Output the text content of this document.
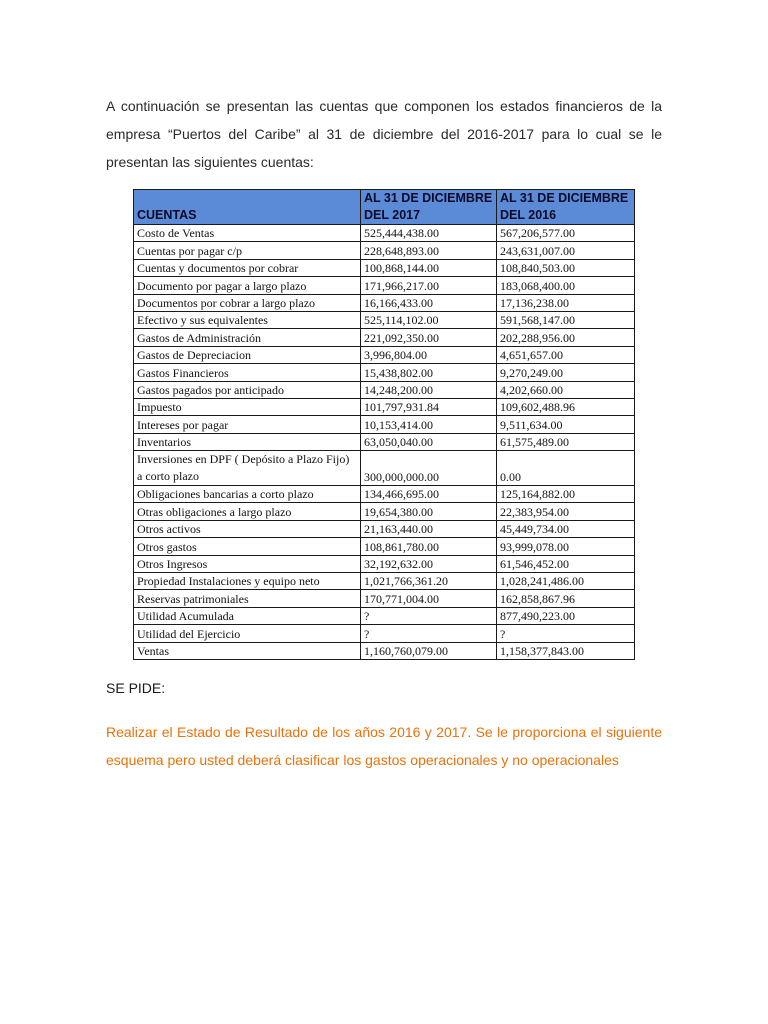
A continuación se presentan las cuentas que componen los estados financieros de la empresa “Puertos del Caribe” al 31 de diciembre del 2016-2017 para lo cual se le presentan las siguientes cuentas:

CUENTAS	AL 31 DE DICIEMBRE DEL 2017	AL 31 DE DICIEMBRE DEL 2016
Costo de Ventas	525,444,438.00	567,206,577.00
Cuentas por pagar c/p	228,648,893.00	243,631,007.00
Cuentas y documentos por cobrar	100,868,144.00	108,840,503.00
Documento por pagar a largo plazo	171,966,217.00	183,068,400.00
Documentos por cobrar a largo plazo	16,166,433.00	17,136,238.00
Efectivo y sus equivalentes	525,114,102.00	591,568,147.00
Gastos de Administración	221,092,350.00	202,288,956.00
Gastos de Depreciacion	3,996,804.00	4,651,657.00
Gastos Financieros	15,438,802.00	9,270,249.00
Gastos pagados por anticipado	14,248,200.00	4,202,660.00
Impuesto	101,797,931.84	109,602,488.96
Intereses por pagar	10,153,414.00	9,511,634.00
Inventarios	63,050,040.00	61,575,489.00
Inversiones en DPF ( Depósito a Plazo Fijo) a corto plazo	300,000,000.00	0.00
Obligaciones bancarias a corto plazo	134,466,695.00	125,164,882.00
Otras obligaciones a largo plazo	19,654,380.00	22,383,954.00
Otros activos	21,163,440.00	45,449,734.00
Otros gastos	108,861,780.00	93,999,078.00
Otros Ingresos	32,192,632.00	61,546,452.00
Propiedad Instalaciones y equipo neto	1,021,766,361.20	1,028,241,486.00
Reservas patrimoniales	170,771,004.00	162,858,867.96
Utilidad Acumulada	?	877,490,223.00
Utilidad del Ejercicio	?	?
Ventas	1,160,760,079.00	1,158,377,843.00
SE PIDE:

Realizar el Estado de Resultado de los años 2016 y 2017. Se le proporciona el siguiente esquema pero usted deberá clasificar los gastos operacionales y no operacionales
